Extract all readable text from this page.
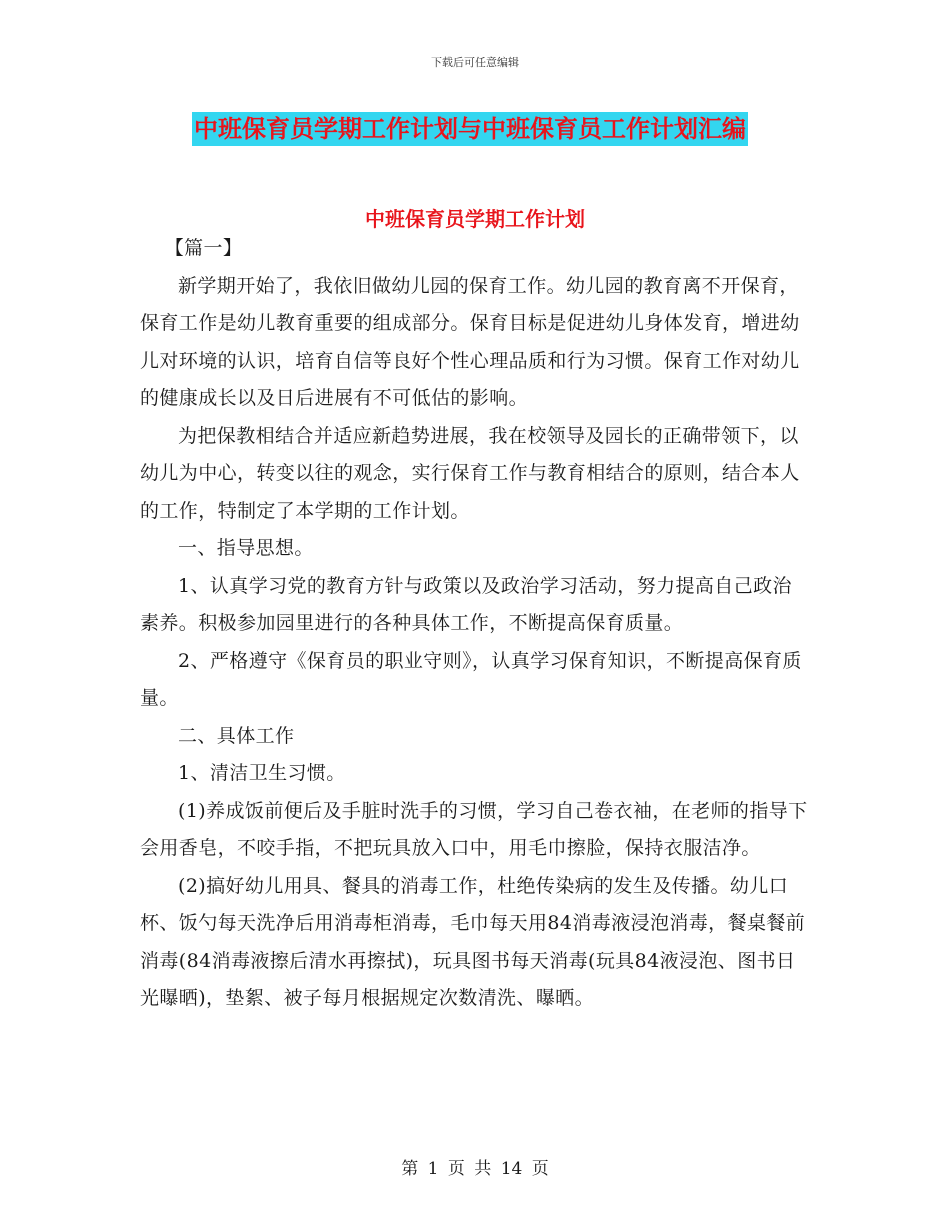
下载后可任意编辑
中班保育员学期工作计划与中班保育员工作计划汇编
中班保育员学期工作计划

【篇一】

新学期开始了，我依旧做幼儿园的保育工作。幼儿园的教育离不开保育，保育工作是幼儿教育重要的组成部分。保育目标是促进幼儿身体发育，增进幼儿对环境的认识，培育自信等良好个性心理品质和行为习惯。保育工作对幼儿的健康成长以及日后进展有不可低估的影响。

为把保教相结合并适应新趋势进展，我在校领导及园长的正确带领下，以幼儿为中心，转变以往的观念，实行保育工作与教育相结合的原则，结合本人的工作，特制定了本学期的工作计划。

一、指导思想。

1、认真学习党的教育方针与政策以及政治学习活动，努力提高自己政治素养。积极参加园里进行的各种具体工作，不断提高保育质量。

2、严格遵守《保育员的职业守则》，认真学习保育知识，不断提高保育质量。

二、具体工作

1、清洁卫生习惯。

(1)养成饭前便后及手脏时洗手的习惯，学习自己卷衣袖，在老师的指导下会用香皂，不咬手指，不把玩具放入口中，用毛巾擦脸，保持衣服洁净。

(2)搞好幼儿用具、餐具的消毒工作，杜绝传染病的发生及传播。幼儿口杯、饭勺每天洗净后用消毒柜消毒，毛巾每天用84消毒液浸泡消毒，餐桌餐前消毒(84消毒液擦后清水再擦拭)，玩具图书每天消毒(玩具84液浸泡、图书日光曝晒)，垫絮、被子每月根据规定次数清洗、曝晒。

第 1 页 共 14 页
